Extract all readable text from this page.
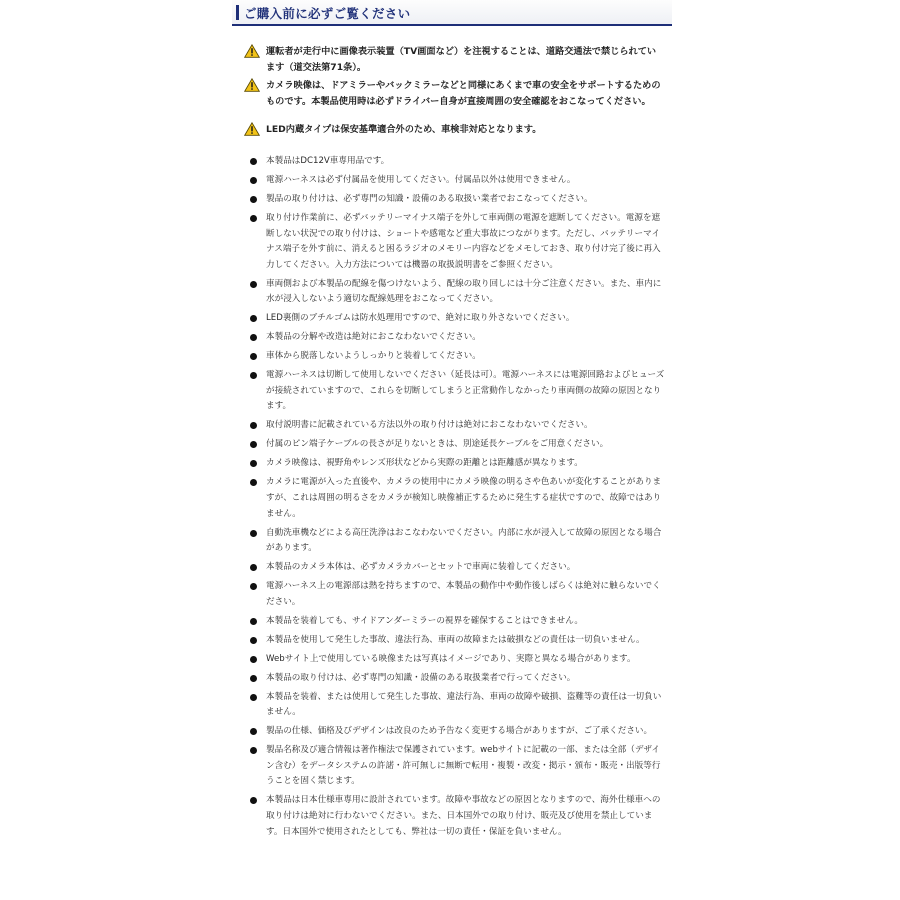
ご購入前に必ずご覧ください
運転者が走行中に画像表示装置（TV画面など）を注視することは、道路交通法で禁じられています（道交法第71条）。
カメラ映像は、ドアミラーやバックミラーなどと同様にあくまで車の安全をサポートするためのものです。本製品使用時は必ずドライバー自身が直接周囲の安全確認をおこなってください。
LED内蔵タイプは保安基準適合外のため、車検非対応となります。
本製品はDC12V車専用品です。
電源ハーネスは必ず付属品を使用してください。付属品以外は使用できません。
製品の取り付けは、必ず専門の知識・設備のある取扱い業者でおこなってください。
取り付け作業前に、必ずバッテリーマイナス端子を外して車両側の電源を遮断してください。電源を遮断しない状況での取り付けは、ショートや感電など重大事故につながります。ただし、バッテリーマイナス端子を外す前に、消えると困るラジオのメモリー内容などをメモしておき、取り付け完了後に再入力してください。入力方法については機器の取扱説明書をご参照ください。
車両側および本製品の配線を傷つけないよう、配線の取り回しには十分ご注意ください。また、車内に水が浸入しないよう適切な配線処理をおこなってください。
LED裏側のブチルゴムは防水処理用ですので、絶対に取り外さないでください。
本製品の分解や改造は絶対におこなわないでください。
車体から脱落しないようしっかりと装着してください。
電源ハーネスは切断して使用しないでください（延長は可）。電源ハーネスには電源回路およびヒューズが接続されていますので、これらを切断してしまうと正常動作しなかったり車両側の故障の原因となります。
取付説明書に記載されている方法以外の取り付けは絶対におこなわないでください。
付属のピン端子ケーブルの長さが足りないときは、別途延長ケーブルをご用意ください。
カメラ映像は、視野角やレンズ形状などから実際の距離とは距離感が異なります。
カメラに電源が入った直後や、カメラの使用中にカメラ映像の明るさや色あいが変化することがありますが、これは周囲の明るさをカメラが検知し映像補正するために発生する症状ですので、故障ではありません。
自動洗車機などによる高圧洗浄はおこなわないでください。内部に水が浸入して故障の原因となる場合があります。
本製品のカメラ本体は、必ずカメラカバーとセットで車両に装着してください。
電源ハーネス上の電源部は熱を持ちますので、本製品の動作中や動作後しばらくは絶対に触らないでください。
本製品を装着しても、サイドアンダーミラーの視界を確保することはできません。
本製品を使用して発生した事故、違法行為、車両の故障または破損などの責任は一切負いません。
Webサイト上で使用している映像または写真はイメージであり、実際と異なる場合があります。
本製品の取り付けは、必ず専門の知識・設備のある取扱業者で行ってください。
本製品を装着、または使用して発生した事故、違法行為、車両の故障や破損、盗難等の責任は一切負いません。
製品の仕様、価格及びデザインは改良のため予告なく変更する場合がありますが、ご了承ください。
製品名称及び適合情報は著作権法で保護されています。webサイトに記載の一部、または全部（デザイン含む）をデータシステムの許諾・許可無しに無断で転用・複製・改変・掲示・頒布・販売・出版等行うことを固く禁じます。
本製品は日本仕様車専用に設計されています。故障や事故などの原因となりますので、海外仕様車への取り付けは絶対に行わないでください。また、日本国外での取り付け、販売及び使用を禁止しています。日本国外で使用されたとしても、弊社は一切の責任・保証を負いません。
